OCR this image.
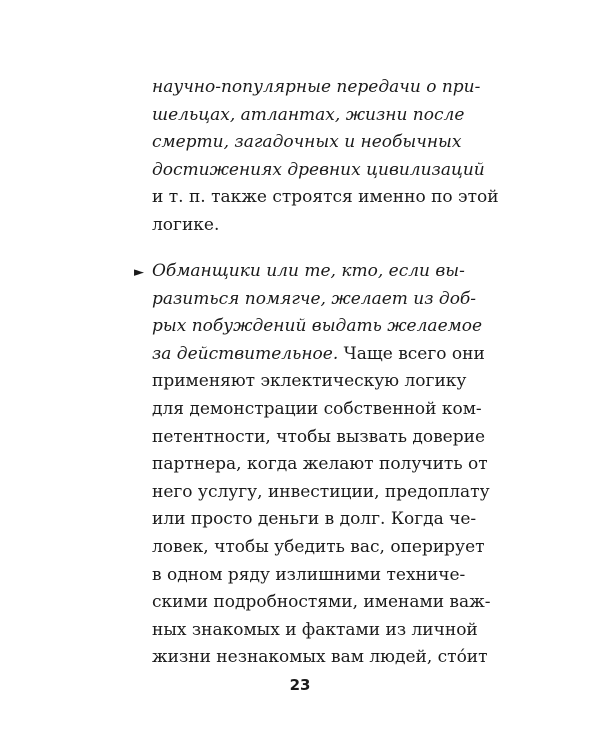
научно-популярные передачи о при-
шельцах, атлантах, жизни после
смерти, загадочных и необычных
достижениях древних цивилизаций
и т. п. также строятся именно по этой
логике.
► Обманщики или те, кто, если вы-
разиться помягче, желает из доб-
рых побуждений выдать желаемое
за действительное. Чаще всего они
применяют эклектическую логику
для демонстрации собственной ком-
петентности, чтобы вызвать доверие
партнера, когда желают получить от
него услугу, инвестиции, предоплату
или просто деньги в долг. Когда че-
ловек, чтобы убедить вас, оперирует
в одном ряду излишними техниче-
скими подробностями, именами важ-
ных знакомых и фактами из личной
жизни незнакомых вам людей, сто́ит
23
